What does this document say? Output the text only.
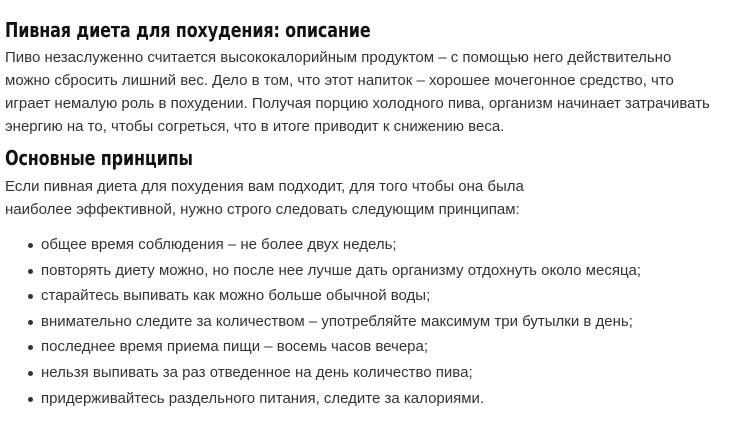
Пивная диета для похудения: описание

Пиво незаслуженно считается высококалорийным продуктом – с помощью него действительно можно сбросить лишний вес. Дело в том, что этот напиток – хорошее мочегонное средство, что играет немалую роль в похудении. Получая порцию холодного пива, организм начинает затрачивать энергию на то, чтобы согреться, что в итоге приводит к снижению веса.

Основные принципы

Если пивная диета для похудения вам подходит, для того чтобы она была наиболее эффективной, нужно строго следовать следующим принципам:

общее время соблюдения – не более двух недель;
повторять диету можно, но после нее лучше дать организму отдохнуть около месяца;
старайтесь выпивать как можно больше обычной воды;
внимательно следите за количеством – употребляйте максимум три бутылки в день;
последнее время приема пищи – восемь часов вечера;
нельзя выпивать за раз отведенное на день количество пива;
придерживайтесь раздельного питания, следите за калориями.
